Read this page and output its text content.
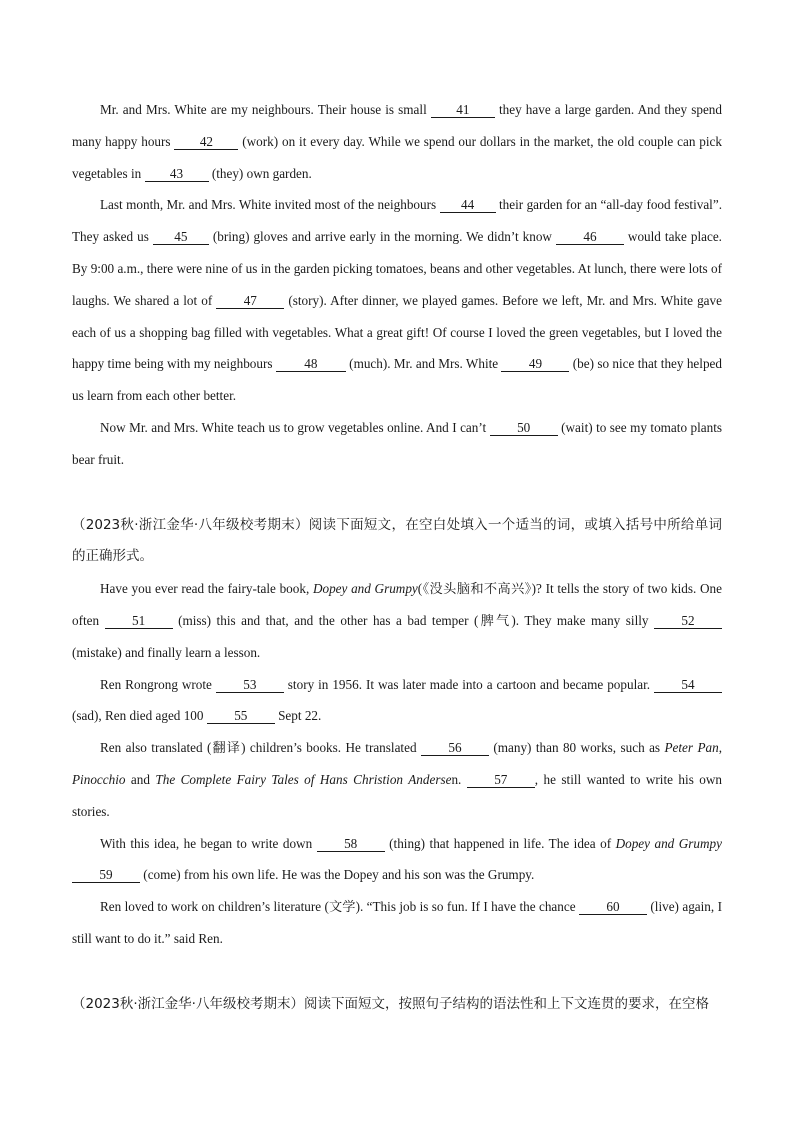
Mr. and Mrs. White are my neighbours. Their house is small 41 they have a large garden. And they spend many happy hours 42 (work) on it every day. While we spend our dollars in the market, the old couple can pick vegetables in 43 (they) own garden.

Last month, Mr. and Mrs. White invited most of the neighbours 44 their garden for an “all-day food festival”. They asked us 45 (bring) gloves and arrive early in the morning. We didn’t know 46 would take place. By 9:00 a.m., there were nine of us in the garden picking tomatoes, beans and other vegetables. At lunch, there were lots of laughs. We shared a lot of 47 (story). After dinner, we played games. Before we left, Mr. and Mrs. White gave each of us a shopping bag filled with vegetables. What a great gift! Of course I loved the green vegetables, but I loved the happy time being with my neighbours 48 (much). Mr. and Mrs. White 49 (be) so nice that they helped us learn from each other better.

Now Mr. and Mrs. White teach us to grow vegetables online. And I can’t 50 (wait) to see my tomato plants bear fruit.

（2023秋·浙江金华·八年级校考期末）阅读下面短文，在空白处填入一个适当的词，或填入括号中所给单词的正确形式。

Have you ever read the fairy-tale book, Dopey and Grumpy(《没头脑和不高兴》)? It tells the story of two kids. One often 51 (miss) this and that, and the other has a bad temper (脾气). They make many silly 52 (mistake) and finally learn a lesson.

Ren Rongrong wrote 53 story in 1956. It was later made into a cartoon and became popular. 54 (sad), Ren died aged 100 55 Sept 22.

Ren also translated (翻译) children’s books. He translated 56 (many) than 80 works, such as Peter Pan, Pinocchio and The Complete Fairy Tales of Hans Christion Andersen. 57 , he still wanted to write his own stories.

With this idea, he began to write down 58 (thing) that happened in life. The idea of Dopey and Grumpy 59 (come) from his own life. He was the Dopey and his son was the Grumpy.

Ren loved to work on children’s literature (文学). “This job is so fun. If I have the chance 60 (live) again, I still want to do it.” said Ren.

（2023秋·浙江金华·八年级校考期末）阅读下面短文，按照句子结构的语法性和上下文连贯的要求，在空格
